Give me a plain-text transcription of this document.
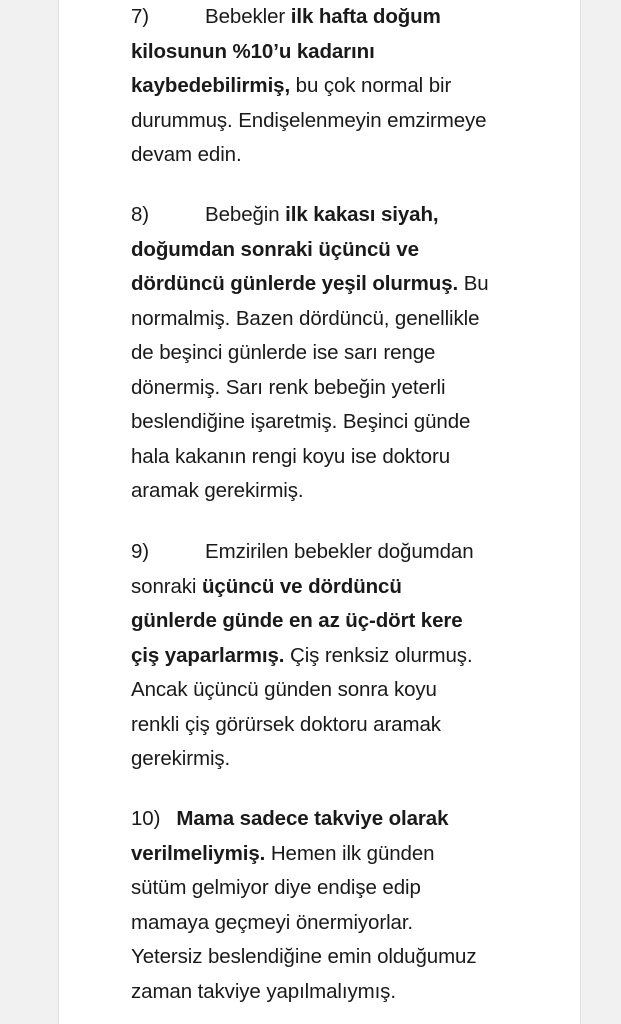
7)	Bebekler ilk hafta doğum
kilosunun %10’u kadarını
kaybedebilirmiş, bu çok normal bir
durummuş. Endişelenmeyin emzirmeye
devam edin.
8)	Bebeğin ilk kakası siyah,
doğumdan sonraki üçüncü ve
dördüncü günlerde yeşil olurmuş. Bu
normalmiş. Bazen dördüncü, genellikle
de beşinci günlerde ise sarı renge
dönermiş. Sarı renk bebeğin yeterli
beslendiğine işaretmiş. Beşinci günde
hala kakanın rengi koyu ise doktoru
aramak gerekirmiş.
9)	Emzirilen bebekler doğumdan
sonraki üçüncü ve dördüncü
günlerde günde en az üç-dört kere
çiş yaparlarmış. Çiş renksiz olurmuş.
Ancak üçüncü günden sonra koyu
renkli çiş görürsek doktoru aramak
gerekirmiş.
10) Mama sadece takviye olarak
verilmeliymiş. Hemen ilk günden
sütüm gelmiyor diye endişe edip
mamaya geçmeyi önermiyorlar.
Yetersiz beslendiğine emin olduğumuz
zaman takviye yapılmalıymış.
